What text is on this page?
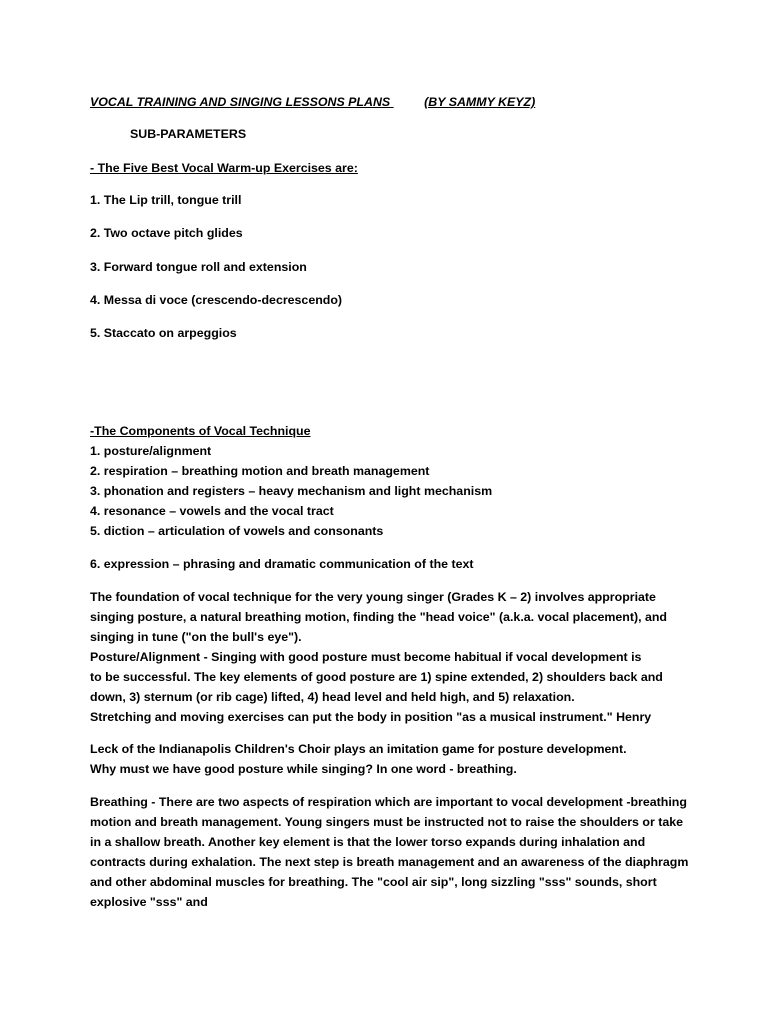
VOCAL TRAINING AND SINGING LESSONS PLANS	(BY SAMMY KEYZ)
SUB-PARAMETERS
- The Five Best Vocal Warm-up Exercises are:
1. The Lip trill, tongue trill
2. Two octave pitch glides
3. Forward tongue roll and extension
4. Messa di voce (crescendo-decrescendo)
5. Staccato on arpeggios
-The Components of Vocal Technique
1. posture/alignment
2. respiration – breathing motion and breath management
3. phonation and registers – heavy mechanism and light mechanism
4. resonance – vowels and the vocal tract
5. diction – articulation of vowels and consonants
6. expression – phrasing and dramatic communication of the text
The foundation of vocal technique for the very young singer (Grades K – 2) involves appropriate
singing posture, a natural breathing motion, finding the "head voice" (a.k.a. vocal placement), and
singing in tune ("on the bull's eye").
Posture/Alignment - Singing with good posture must become habitual if vocal development is
to be successful. The key elements of good posture are 1) spine extended, 2) shoulders back and
down, 3) sternum (or rib cage) lifted, 4) head level and held high, and 5) relaxation.
Stretching and moving exercises can put the body in position "as a musical instrument." Henry
Leck of the Indianapolis Children's Choir plays an imitation game for posture development.
Why must we have good posture while singing? In one word - breathing.
Breathing - There are two aspects of respiration which are important to vocal development -breathing
motion and breath management. Young singers must be instructed not to raise the shoulders or take
in a shallow breath. Another key element is that the lower torso expands during inhalation and
contracts during exhalation. The next step is breath management and an awareness of the diaphragm
and other abdominal muscles for breathing. The "cool air sip", long sizzling "sss" sounds, short
explosive "sss" and
